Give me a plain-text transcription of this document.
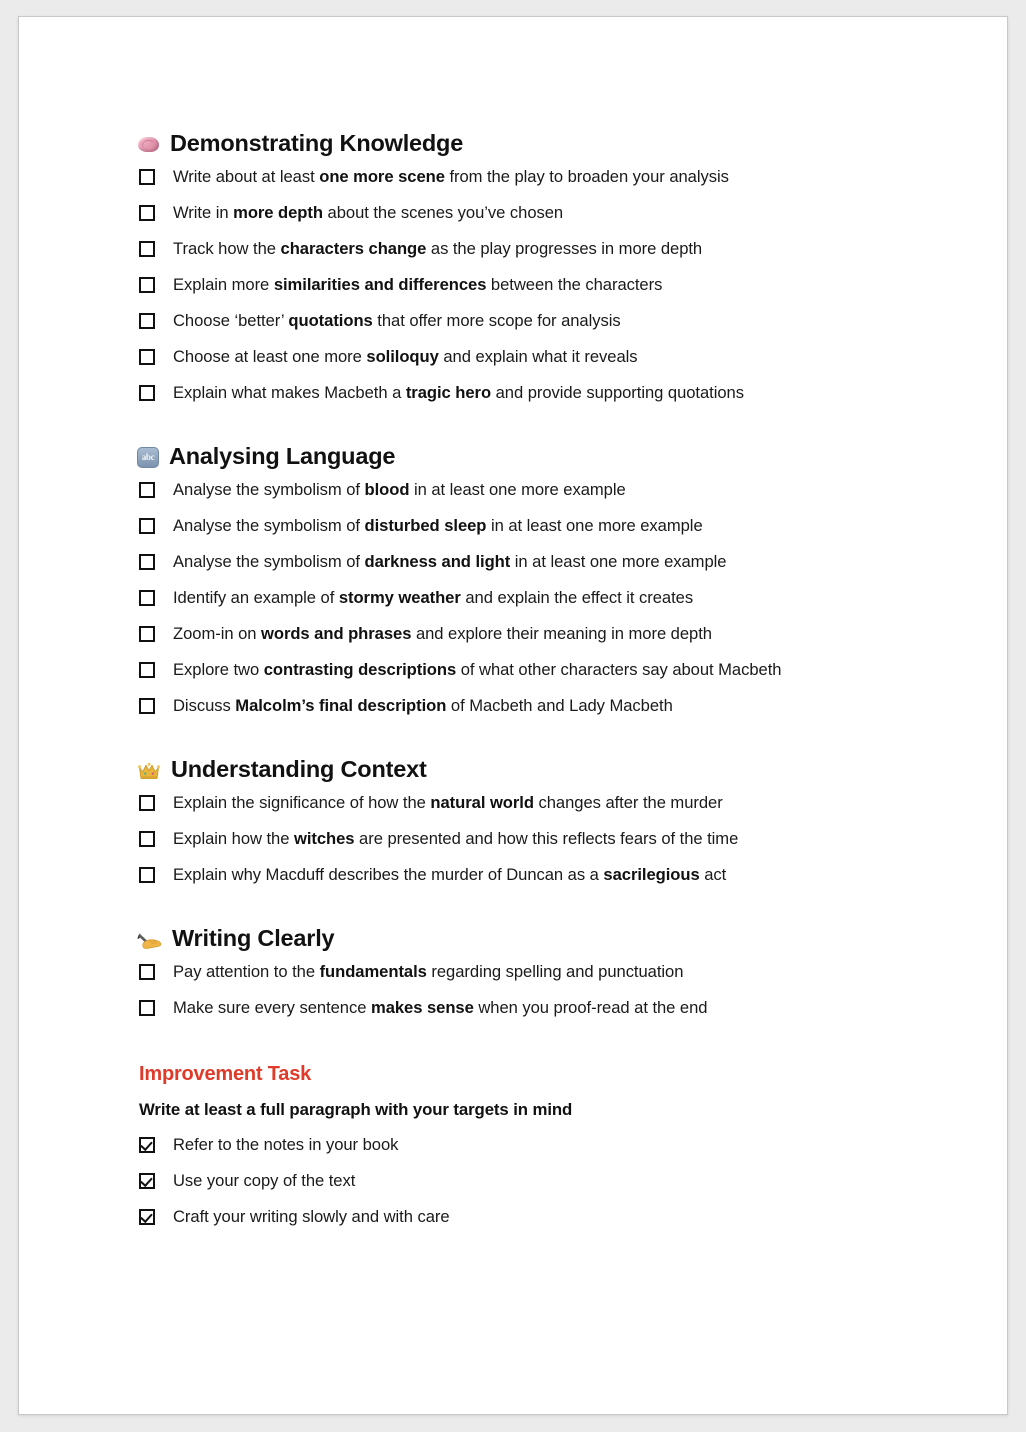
Demonstrating Knowledge
Write about at least one more scene from the play to broaden your analysis
Write in more depth about the scenes you’ve chosen
Track how the characters change as the play progresses in more depth
Explain more similarities and differences between the characters
Choose ‘better’ quotations that offer more scope for analysis
Choose at least one more soliloquy and explain what it reveals
Explain what makes Macbeth a tragic hero and provide supporting quotations
abc Analysing Language
Analyse the symbolism of blood in at least one more example
Analyse the symbolism of disturbed sleep in at least one more example
Analyse the symbolism of darkness and light in at least one more example
Identify an example of stormy weather and explain the effect it creates
Zoom-in on words and phrases and explore their meaning in more depth
Explore two contrasting descriptions of what other characters say about Macbeth
Discuss Malcolm’s final description of Macbeth and Lady Macbeth
Understanding Context
Explain the significance of how the natural world changes after the murder
Explain how the witches are presented and how this reflects fears of the time
Explain why Macduff describes the murder of Duncan as a sacrilegious act
Writing Clearly
Pay attention to the fundamentals regarding spelling and punctuation
Make sure every sentence makes sense when you proof-read at the end
Improvement Task
Write at least a full paragraph with your targets in mind
Refer to the notes in your book
Use your copy of the text
Craft your writing slowly and with care
